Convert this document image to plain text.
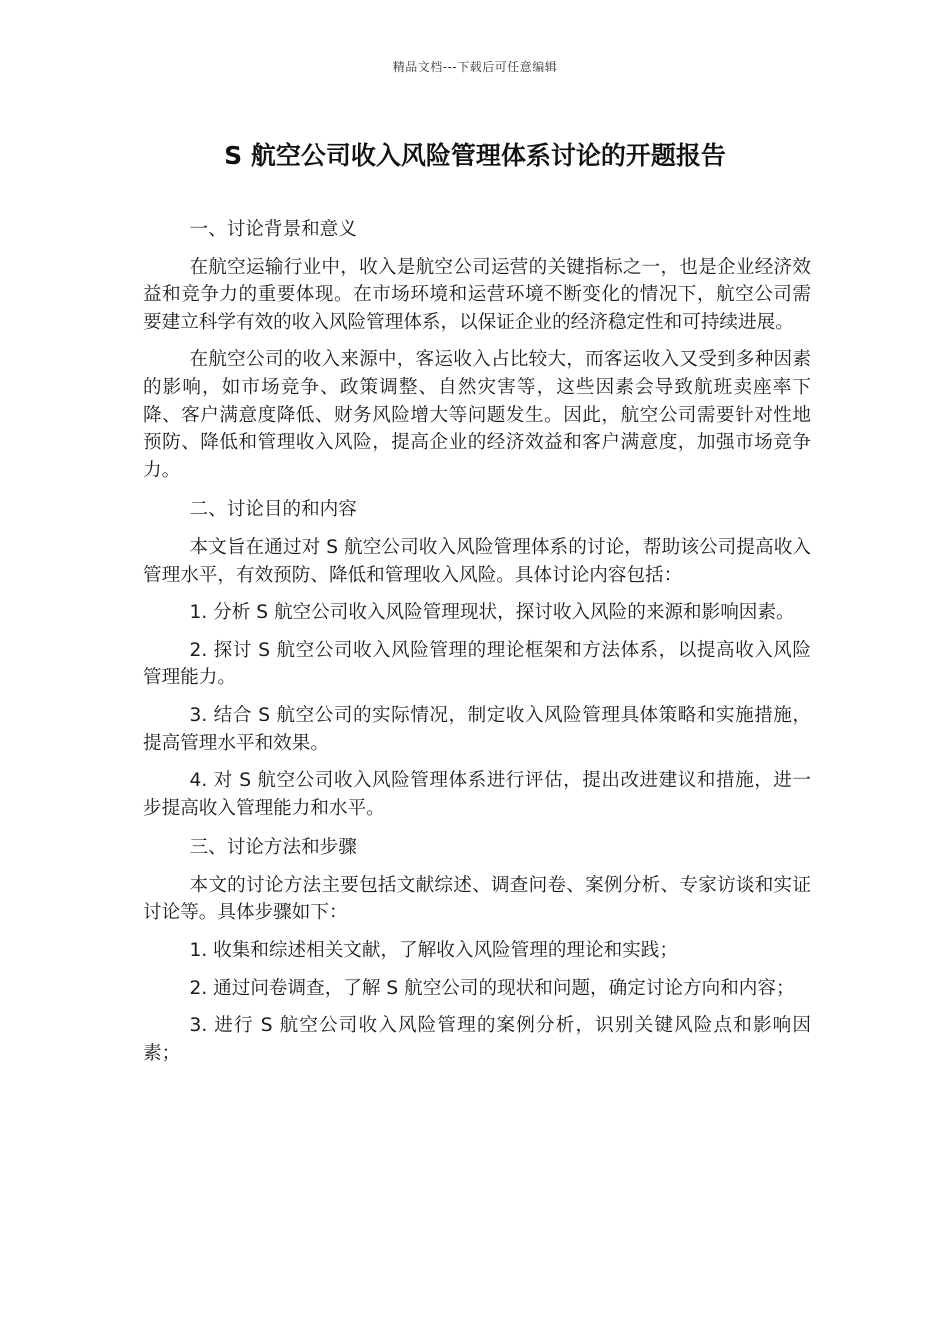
精品文档---下载后可任意编辑
S 航空公司收入风险管理体系讨论的开题报告

一、讨论背景和意义

在航空运输行业中，收入是航空公司运营的关键指标之一，也是企业经济效益和竞争力的重要体现。在市场环境和运营环境不断变化的情况下，航空公司需要建立科学有效的收入风险管理体系，以保证企业的经济稳定性和可持续进展。

在航空公司的收入来源中，客运收入占比较大，而客运收入又受到多种因素的影响，如市场竞争、政策调整、自然灾害等，这些因素会导致航班卖座率下降、客户满意度降低、财务风险增大等问题发生。因此，航空公司需要针对性地预防、降低和管理收入风险，提高企业的经济效益和客户满意度，加强市场竞争力。

二、讨论目的和内容

本文旨在通过对 S 航空公司收入风险管理体系的讨论，帮助该公司提高收入管理水平，有效预防、降低和管理收入风险。具体讨论内容包括：

1. 分析 S 航空公司收入风险管理现状，探讨收入风险的来源和影响因素。

2. 探讨 S 航空公司收入风险管理的理论框架和方法体系，以提高收入风险管理能力。

3. 结合 S 航空公司的实际情况，制定收入风险管理具体策略和实施措施，提高管理水平和效果。

4. 对 S 航空公司收入风险管理体系进行评估，提出改进建议和措施，进一步提高收入管理能力和水平。

三、讨论方法和步骤

本文的讨论方法主要包括文献综述、调查问卷、案例分析、专家访谈和实证讨论等。具体步骤如下：

1. 收集和综述相关文献，了解收入风险管理的理论和实践；

2. 通过问卷调查，了解 S 航空公司的现状和问题，确定讨论方向和内容；

3. 进行 S 航空公司收入风险管理的案例分析，识别关键风险点和影响因素；
